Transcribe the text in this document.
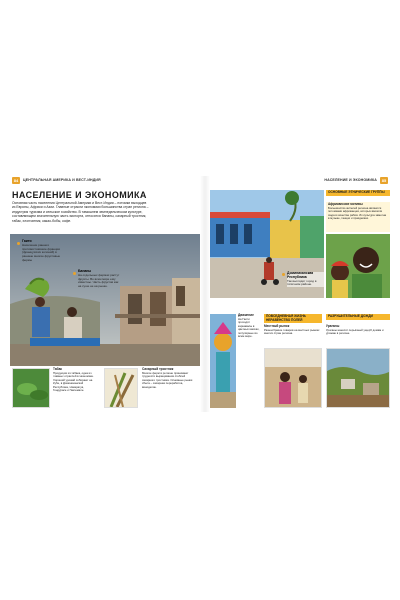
84	ЦЕНТРАЛЬНАЯ АМЕРИКА И ВЕСТ-ИНДИЯ
НАСЕЛЕНИЕ И ЭКОНОМИКА
Основная часть населения Центральной Америки и Вест-Индии – потомки выходцев из Европы, Африки и Азии. Главные отрасли экономики большинства стран региона – индустрия туризма и сельское хозяйство. В тамошнем земледельческом культуре, составляющем значительную часть экспорта, относятся бананы, сахарный тростник, табак, хлопчатник, какао-бобы, кофе.
Гаити
Население раннего противостоявшие франции (французских колоний) в раннюю многие фруктовые фермы
Бананы
На отдельных фермах растут фрукты. Во всем мире ему известны. Часть фруктов как на суше не на рынке.
Табак
Продукция из табака, одна из главных отраслей в экономике. Хороший урожай собирают на Кубе, в Доминиканской Республике, Никарагуа, Гондурасе и Гватемале.
Сахарный тростник
Многие ферм в регионе принимают трудности выращивания стеблей сахарного тростника. Основные рынки сбыта – сахарная переработка, виноделие.
НАСЕЛЕНИЕ И ЭКОНОМИКА	85
ОСНОВНЫЕ ЭТНИЧЕСКИЕ ГРУППЫ
Африканские мотивы
Большинство жителей региона являются потомками африканцев, которых ввозили сюда в качестве рабов. Их культура заметна в музыке, танцах и праздниках.
Доминиканская Республика
Так выглядит город в типичном районе.
Движение
На Гаити проходят карнавалы в цветных масках, популярные во всем мире.
ПОВСЕДНЕВНАЯ ЖИЗНЬ НЕРАВЕНСТВО ПОЛЕЙ
Местный рынок
Разнообразие товаров на местных рынках многих стран региона.
РАЗРУШИТЕЛЬНЫЕ ДОЖДИ
Ураганы
Ураганы наносят серьёзный ущерб домам и урожаю в регионе.
